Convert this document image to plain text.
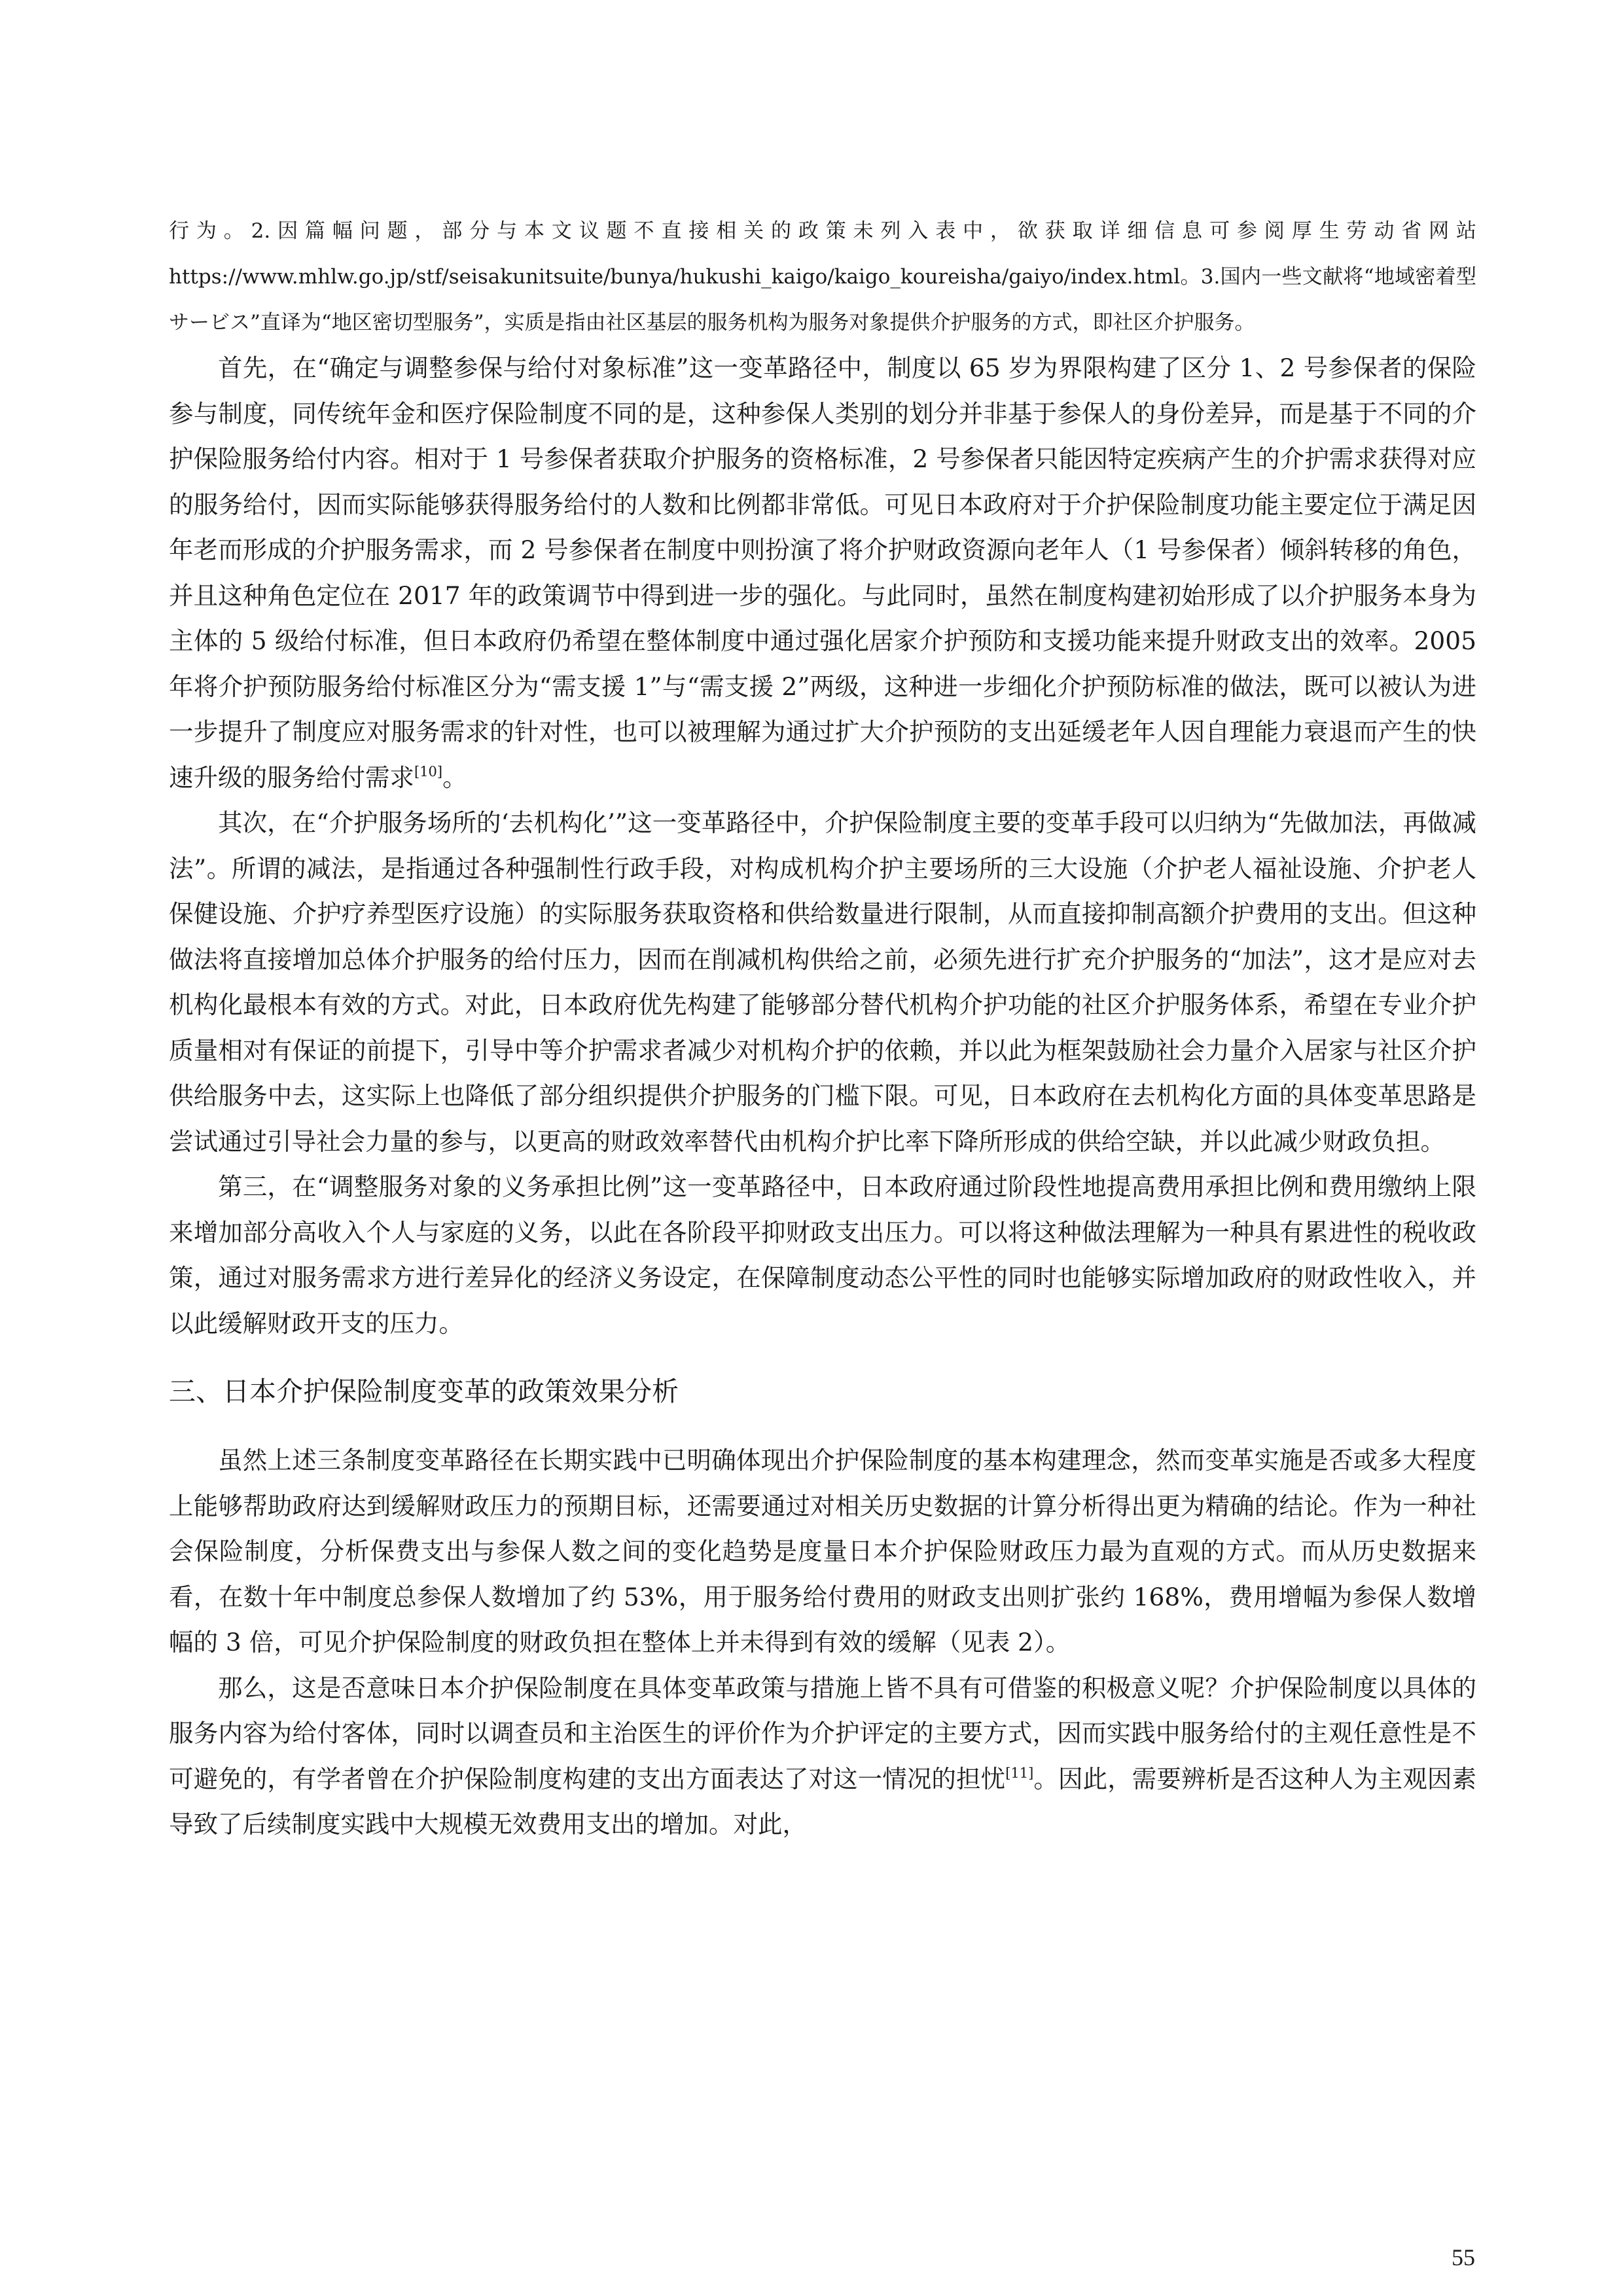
行为。2.因篇幅问题，部分与本文议题不直接相关的政策未列入表中，欲获取详细信息可参阅厚生劳动省网站 https://www.mhlw.go.jp/stf/seisakunitsuite/bunya/hukushi_kaigo/kaigo_koureisha/gaiyo/index.html。3.国内一些文献将“地域密着型サービス”直译为“地区密切型服务”，实质是指由社区基层的服务机构为服务对象提供介护服务的方式，即社区介护服务。

首先，在“确定与调整参保与给付对象标准”这一变革路径中，制度以 65 岁为界限构建了区分 1、2 号参保者的保险参与制度，同传统年金和医疗保险制度不同的是，这种参保人类别的划分并非基于参保人的身份差异，而是基于不同的介护保险服务给付内容。相对于 1 号参保者获取介护服务的资格标准，2 号参保者只能因特定疾病产生的介护需求获得对应的服务给付，因而实际能够获得服务给付的人数和比例都非常低。可见日本政府对于介护保险制度功能主要定位于满足因年老而形成的介护服务需求，而 2 号参保者在制度中则扮演了将介护财政资源向老年人（1 号参保者）倾斜转移的角色，并且这种角色定位在 2017 年的政策调节中得到进一步的强化。与此同时，虽然在制度构建初始形成了以介护服务本身为主体的 5 级给付标准，但日本政府仍希望在整体制度中通过强化居家介护预防和支援功能来提升财政支出的效率。2005 年将介护预防服务给付标准区分为“需支援 1”与“需支援 2”两级，这种进一步细化介护预防标准的做法，既可以被认为进一步提升了制度应对服务需求的针对性，也可以被理解为通过扩大介护预防的支出延缓老年人因自理能力衰退而产生的快速升级的服务给付需求[10]。

其次，在“介护服务场所的‘去机构化’”这一变革路径中，介护保险制度主要的变革手段可以归纳为“先做加法，再做减法”。所谓的减法，是指通过各种强制性行政手段，对构成机构介护主要场所的三大设施（介护老人福祉设施、介护老人保健设施、介护疗养型医疗设施）的实际服务获取资格和供给数量进行限制，从而直接抑制高额介护费用的支出。但这种做法将直接增加总体介护服务的给付压力，因而在削减机构供给之前，必须先进行扩充介护服务的“加法”，这才是应对去机构化最根本有效的方式。对此，日本政府优先构建了能够部分替代机构介护功能的社区介护服务体系，希望在专业介护质量相对有保证的前提下，引导中等介护需求者减少对机构介护的依赖，并以此为框架鼓励社会力量介入居家与社区介护供给服务中去，这实际上也降低了部分组织提供介护服务的门槛下限。可见，日本政府在去机构化方面的具体变革思路是尝试通过引导社会力量的参与，以更高的财政效率替代由机构介护比率下降所形成的供给空缺，并以此减少财政负担。

第三，在“调整服务对象的义务承担比例”这一变革路径中，日本政府通过阶段性地提高费用承担比例和费用缴纳上限来增加部分高收入个人与家庭的义务，以此在各阶段平抑财政支出压力。可以将这种做法理解为一种具有累进性的税收政策，通过对服务需求方进行差异化的经济义务设定，在保障制度动态公平性的同时也能够实际增加政府的财政性收入，并以此缓解财政开支的压力。

三、日本介护保险制度变革的政策效果分析

虽然上述三条制度变革路径在长期实践中已明确体现出介护保险制度的基本构建理念，然而变革实施是否或多大程度上能够帮助政府达到缓解财政压力的预期目标，还需要通过对相关历史数据的计算分析得出更为精确的结论。作为一种社会保险制度，分析保费支出与参保人数之间的变化趋势是度量日本介护保险财政压力最为直观的方式。而从历史数据来看，在数十年中制度总参保人数增加了约 53%，用于服务给付费用的财政支出则扩张约 168%，费用增幅为参保人数增幅的 3 倍，可见介护保险制度的财政负担在整体上并未得到有效的缓解（见表 2）。

那么，这是否意味日本介护保险制度在具体变革政策与措施上皆不具有可借鉴的积极意义呢？介护保险制度以具体的服务内容为给付客体，同时以调查员和主治医生的评价作为介护评定的主要方式，因而实践中服务给付的主观任意性是不可避免的，有学者曾在介护保险制度构建的支出方面表达了对这一情况的担忧[11]。因此，需要辨析是否这种人为主观因素导致了后续制度实践中大规模无效费用支出的增加。对此，

55
